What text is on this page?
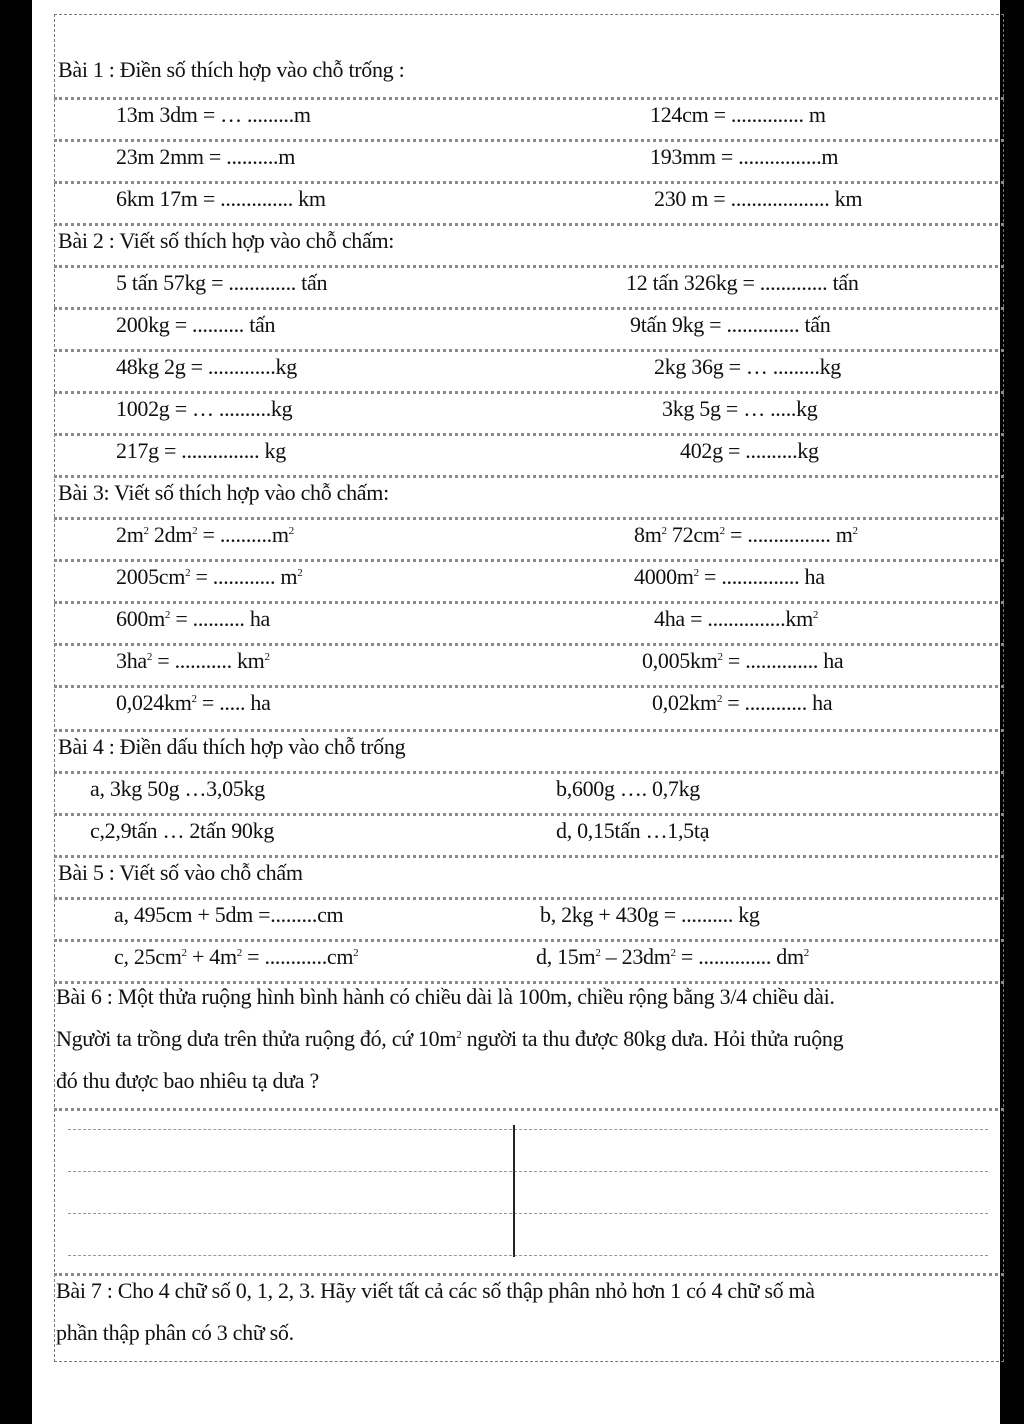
Bài 1 : Điền số thích hợp vào chỗ trống :
13m 3dm = … .........m	124cm = .............. m
23m 2mm = ..........m	193mm = ................m
6km 17m = .............. km	230 m = ................... km
Bài 2 : Viết số thích hợp vào chỗ chấm:
5 tấn 57kg = ............. tấn	12 tấn 326kg = ............. tấn
200kg = .......... tấn	9tấn 9kg = .............. tấn
48kg 2g = .............kg	2kg 36g = … .........kg
1002g = … ..........kg	3kg 5g = … .....kg
217g = ............... kg	402g = ..........kg
Bài 3: Viết số thích hợp vào chỗ chấm:
$2m^2$ $2dm^2 = ..........m^2$	$8m^2$ $72cm^2$ = ................ $m^2$
$2005cm^2$ = ............ $m^2$	$4000m^2$ = ............... ha
$600m^2$ = .......... ha	$4ha = ...............km^2$
$3ha^2$ = ........... $km^2$	$0,005km^2$ = .............. ha
$0,024km^2$ = ..... ha	$0,02km^2$ = ............ ha
Bài 4 : Điền dấu thích hợp vào chỗ trống
a, 3kg 50g …3,05kg	b,600g …. 0,7kg
c,2,9tấn … 2tấn 90kg	d, 0,15tấn …1,5tạ
Bài 5 : Viết số vào chỗ chấm
a, 495cm + 5dm =.........cm	b, 2kg + 430g = .......... kg
c, $25cm^2 + 4m^2 = ............cm^2$	d, $15m^2 - 23dm^2$ = .............. $dm^2$
Bài 6 : Một thửa ruộng hình bình hành có chiều dài là 100m, chiều rộng bằng 3/4 chiều dài.
Người ta trồng dưa trên thửa ruộng đó, cứ $10m^2$ người ta thu được 80kg dưa. Hỏi thửa ruộng
đó thu được bao nhiêu tạ dưa ?
Bài 7 : Cho 4 chữ số 0, 1, 2, 3. Hãy viết tất cả các số thập phân nhỏ hơn 1 có 4 chữ số mà
phần thập phân có 3 chữ số.
